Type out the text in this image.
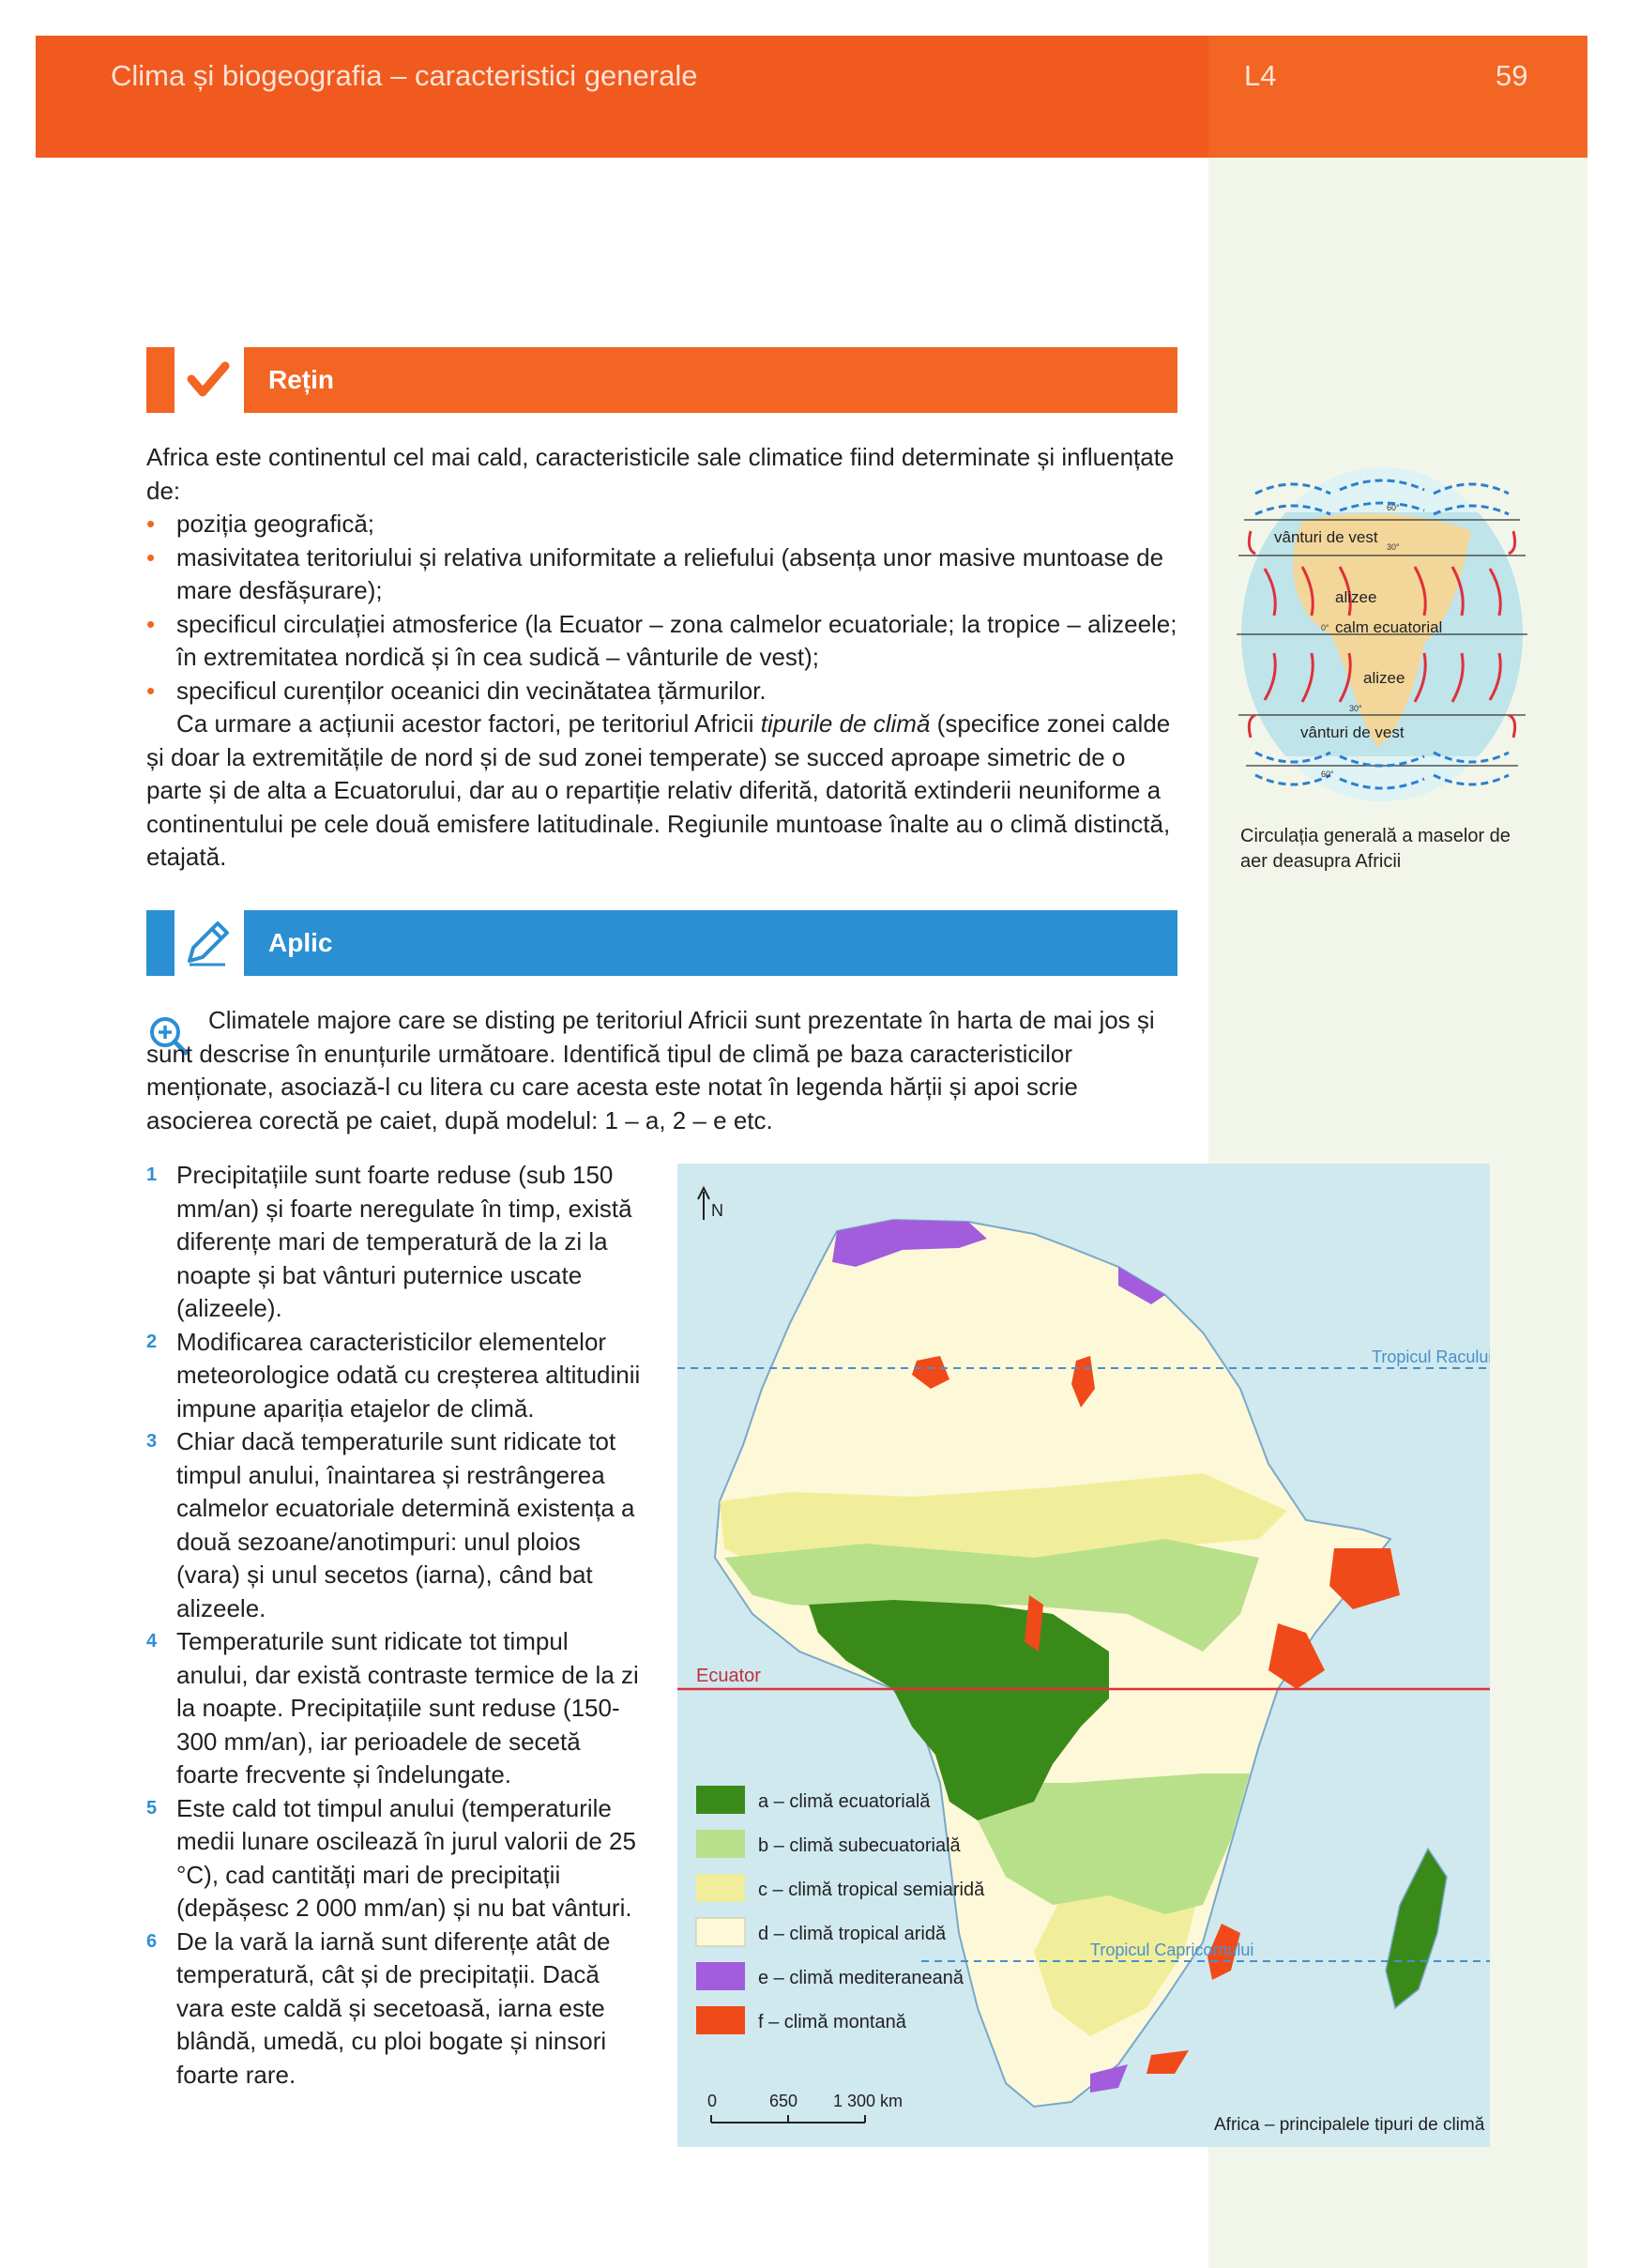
Clima și biogeografia – caracteristici generale	L4	59
Rețin

Africa este continentul cel mai cald, caracteristicile sale climatice fiind determinate și influențate de:

• poziția geografică;
• masivitatea teritoriului și relativa uniformitate a reliefului (absența unor masive muntoase de mare desfășurare);
• specificul circulației atmosferice (la Ecuator – zona calmelor ecuatoriale; la tropice – alizeele; în extremitatea nordică și în cea sudică – vânturile de vest);
• specificul curenților oceanici din vecinătatea țărmurilor.

Ca urmare a acțiunii acestor factori, pe teritoriul Africii tipurile de climă (specifice zonei calde și doar la extremitățile de nord și de sud zonei temperate) se succed aproape simetric de o parte și de alta a Ecuatorului, dar au o repartiție relativ diferită, datorită extinderii neuniforme a continentului pe cele două emisfere latitudinale. Regiunile muntoase înalte au o climă distinctă, etajată.

60°
30°
0°
30°
60°
vânturi de vest
alizee
calm ecuatorial
alizee
vânturi de vest
Circulația generală a maselor de aer deasupra Africii
Aplic
Climatele majore care se disting pe teritoriul Africii sunt prezentate în harta de mai jos și sunt descrise în enunțurile următoare. Identifică tipul de climă pe baza caracteristicilor menționate, asociază-l cu litera cu care acesta este notat în legenda hărții și apoi scrie asocierea corectă pe caiet, după modelul: 1 – a, 2 – e etc.
1 Precipitațiile sunt foarte reduse (sub 150 mm/an) și foarte neregulate în timp, există diferențe mari de temperatură de la zi la noapte și bat vânturi puternice uscate (alizeele).
2 Modificarea caracteristicilor elementelor meteorologice odată cu creșterea altitudinii impune apariția etajelor de climă.
3 Chiar dacă temperaturile sunt ridicate tot timpul anului, înaintarea și restrângerea calmelor ecuatoriale determină existența a două sezoane/anotimpuri: unul ploios (vara) și unul secetos (iarna), când bat alizeele.
4 Temperaturile sunt ridicate tot timpul anului, dar există contraste termice de la zi la noapte. Precipitațiile sunt reduse (150-300 mm/an), iar perioadele de secetă foarte frecvente și îndelungate.
5 Este cald tot timpul anului (temperaturile medii lunare oscilează în jurul valorii de 25 °C), cad cantități mari de precipitații (depășesc 2 000 mm/an) și nu bat vânturi.
6 De la vară la iarnă sunt diferențe atât de temperatură, cât și de precipitații. Dacă vara este caldă și secetoasă, iarna este blândă, umedă, cu ploi bogate și ninsori foarte rare.
Ecuator
Tropicul Racului
Tropicul Capricornului
N
a – climă ecuatorială
b – climă subecuatorială
c – climă tropical semiaridă
d – climă tropical aridă
e – climă mediteraneană
f – climă montană
0	650 1 300 km
Africa – principalele tipuri de climă
